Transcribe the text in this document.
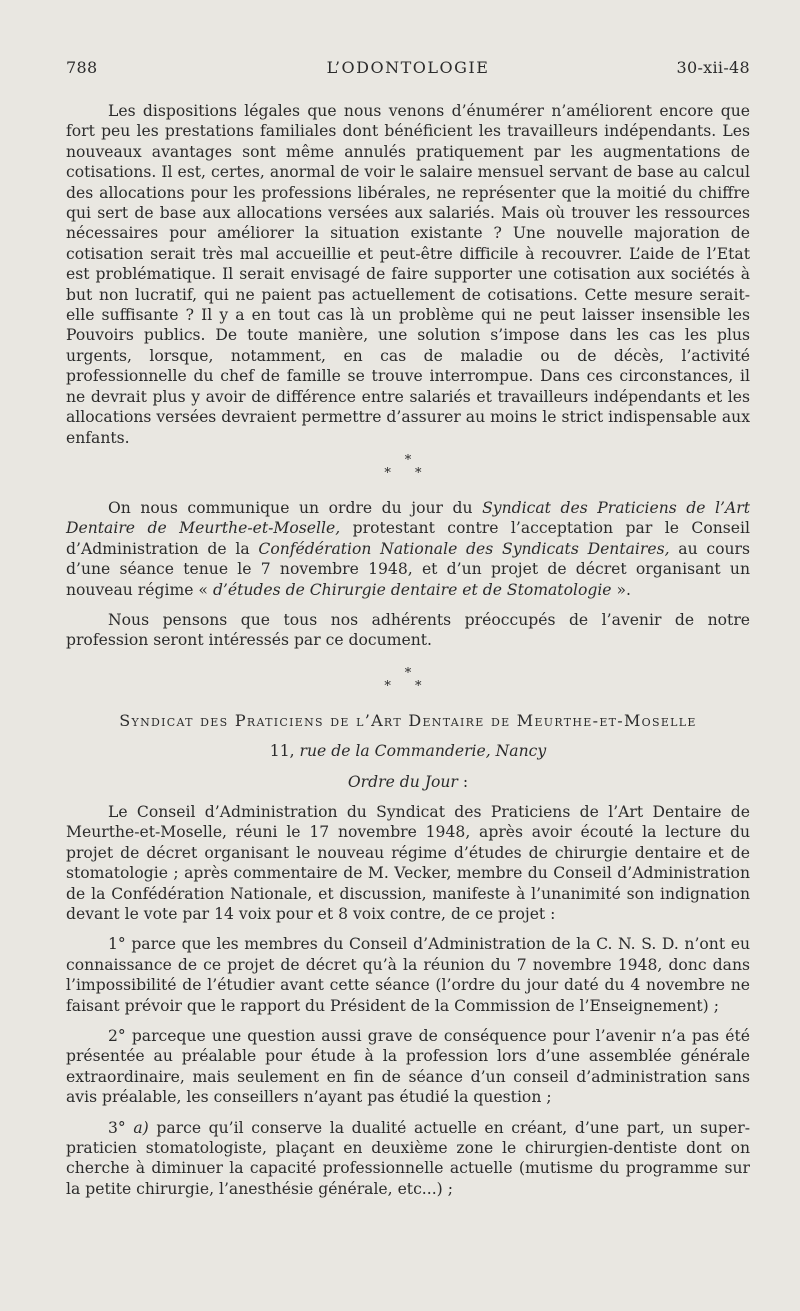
788	L’ODONTOLOGIE	30-xii-48

Les dispositions légales que nous venons d’énumérer n’améliorent encore que fort peu les prestations familiales dont bénéficient les travailleurs indépendants. Les nouveaux avantages sont même annulés pratiquement par les augmentations de cotisations. Il est, certes, anormal de voir le salaire mensuel servant de base au calcul des allocations pour les professions libérales, ne représenter que la moitié du chiffre qui sert de base aux allocations versées aux salariés. Mais où trouver les ressources nécessaires pour améliorer la situation existante ? Une nouvelle majoration de cotisation serait très mal accueillie et peut-être difficile à recouvrer. L’aide de l’Etat est problématique. Il serait envisagé de faire supporter une cotisation aux sociétés à but non lucratif, qui ne paient pas actuellement de cotisations. Cette mesure serait-elle suffisante ? Il y a en tout cas là un problème qui ne peut laisser insensible les Pouvoirs publics. De toute manière, une solution s’impose dans les cas les plus urgents, lorsque, notamment, en cas de maladie ou de décès, l’activité professionnelle du chef de famille se trouve interrompue. Dans ces circonstances, il ne devrait plus y avoir de différence entre salariés et travailleurs indépendants et les allocations versées devraient permettre d’assurer au moins le strict indispensable aux enfants.

*
* *

On nous communique un ordre du jour du Syndicat des Praticiens de l’Art Dentaire de Meurthe-et-Moselle, protestant contre l’acceptation par le Conseil d’Administration de la Confédération Nationale des Syndicats Dentaires, au cours d’une séance tenue le 7 novembre 1948, et d’un projet de décret organisant un nouveau régime « d’études de Chirurgie dentaire et de Stomatologie ».

Nous pensons que tous nos adhérents préoccupés de l’avenir de notre profession seront intéressés par ce document.

*
* *
Syndicat des Praticiens de l’Art Dentaire de Meurthe-et-Moselle
11, rue de la Commanderie, Nancy
Ordre du Jour :

Le Conseil d’Administration du Syndicat des Praticiens de l’Art Dentaire de Meurthe-et-Moselle, réuni le 17 novembre 1948, après avoir écouté la lecture du projet de décret organisant le nouveau régime d’études de chirurgie dentaire et de stomatologie ; après commentaire de M. Vecker, membre du Conseil d’Administration de la Confédération Nationale, et discussion, manifeste à l’unanimité son indignation devant le vote par 14 voix pour et 8 voix contre, de ce projet :

1° parce que les membres du Conseil d’Administration de la C. N. S. D. n’ont eu connaissance de ce projet de décret qu’à la réunion du 7 novembre 1948, donc dans l’impossibilité de l’étudier avant cette séance (l’ordre du jour daté du 4 novembre ne faisant prévoir que le rapport du Président de la Commission de l’Enseignement) ;

2° parceque une question aussi grave de conséquence pour l’avenir n’a pas été présentée au préalable pour étude à la profession lors d’une assemblée générale extraordinaire, mais seulement en fin de séance d’un conseil d’administration sans avis préalable, les conseillers n’ayant pas étudié la question ;

3° a) parce qu’il conserve la dualité actuelle en créant, d’une part, un super-praticien stomatologiste, plaçant en deuxième zone le chirurgien-dentiste dont on cherche à diminuer la capacité professionnelle actuelle (mutisme du programme sur la petite chirurgie, l’anesthésie générale, etc...) ;
